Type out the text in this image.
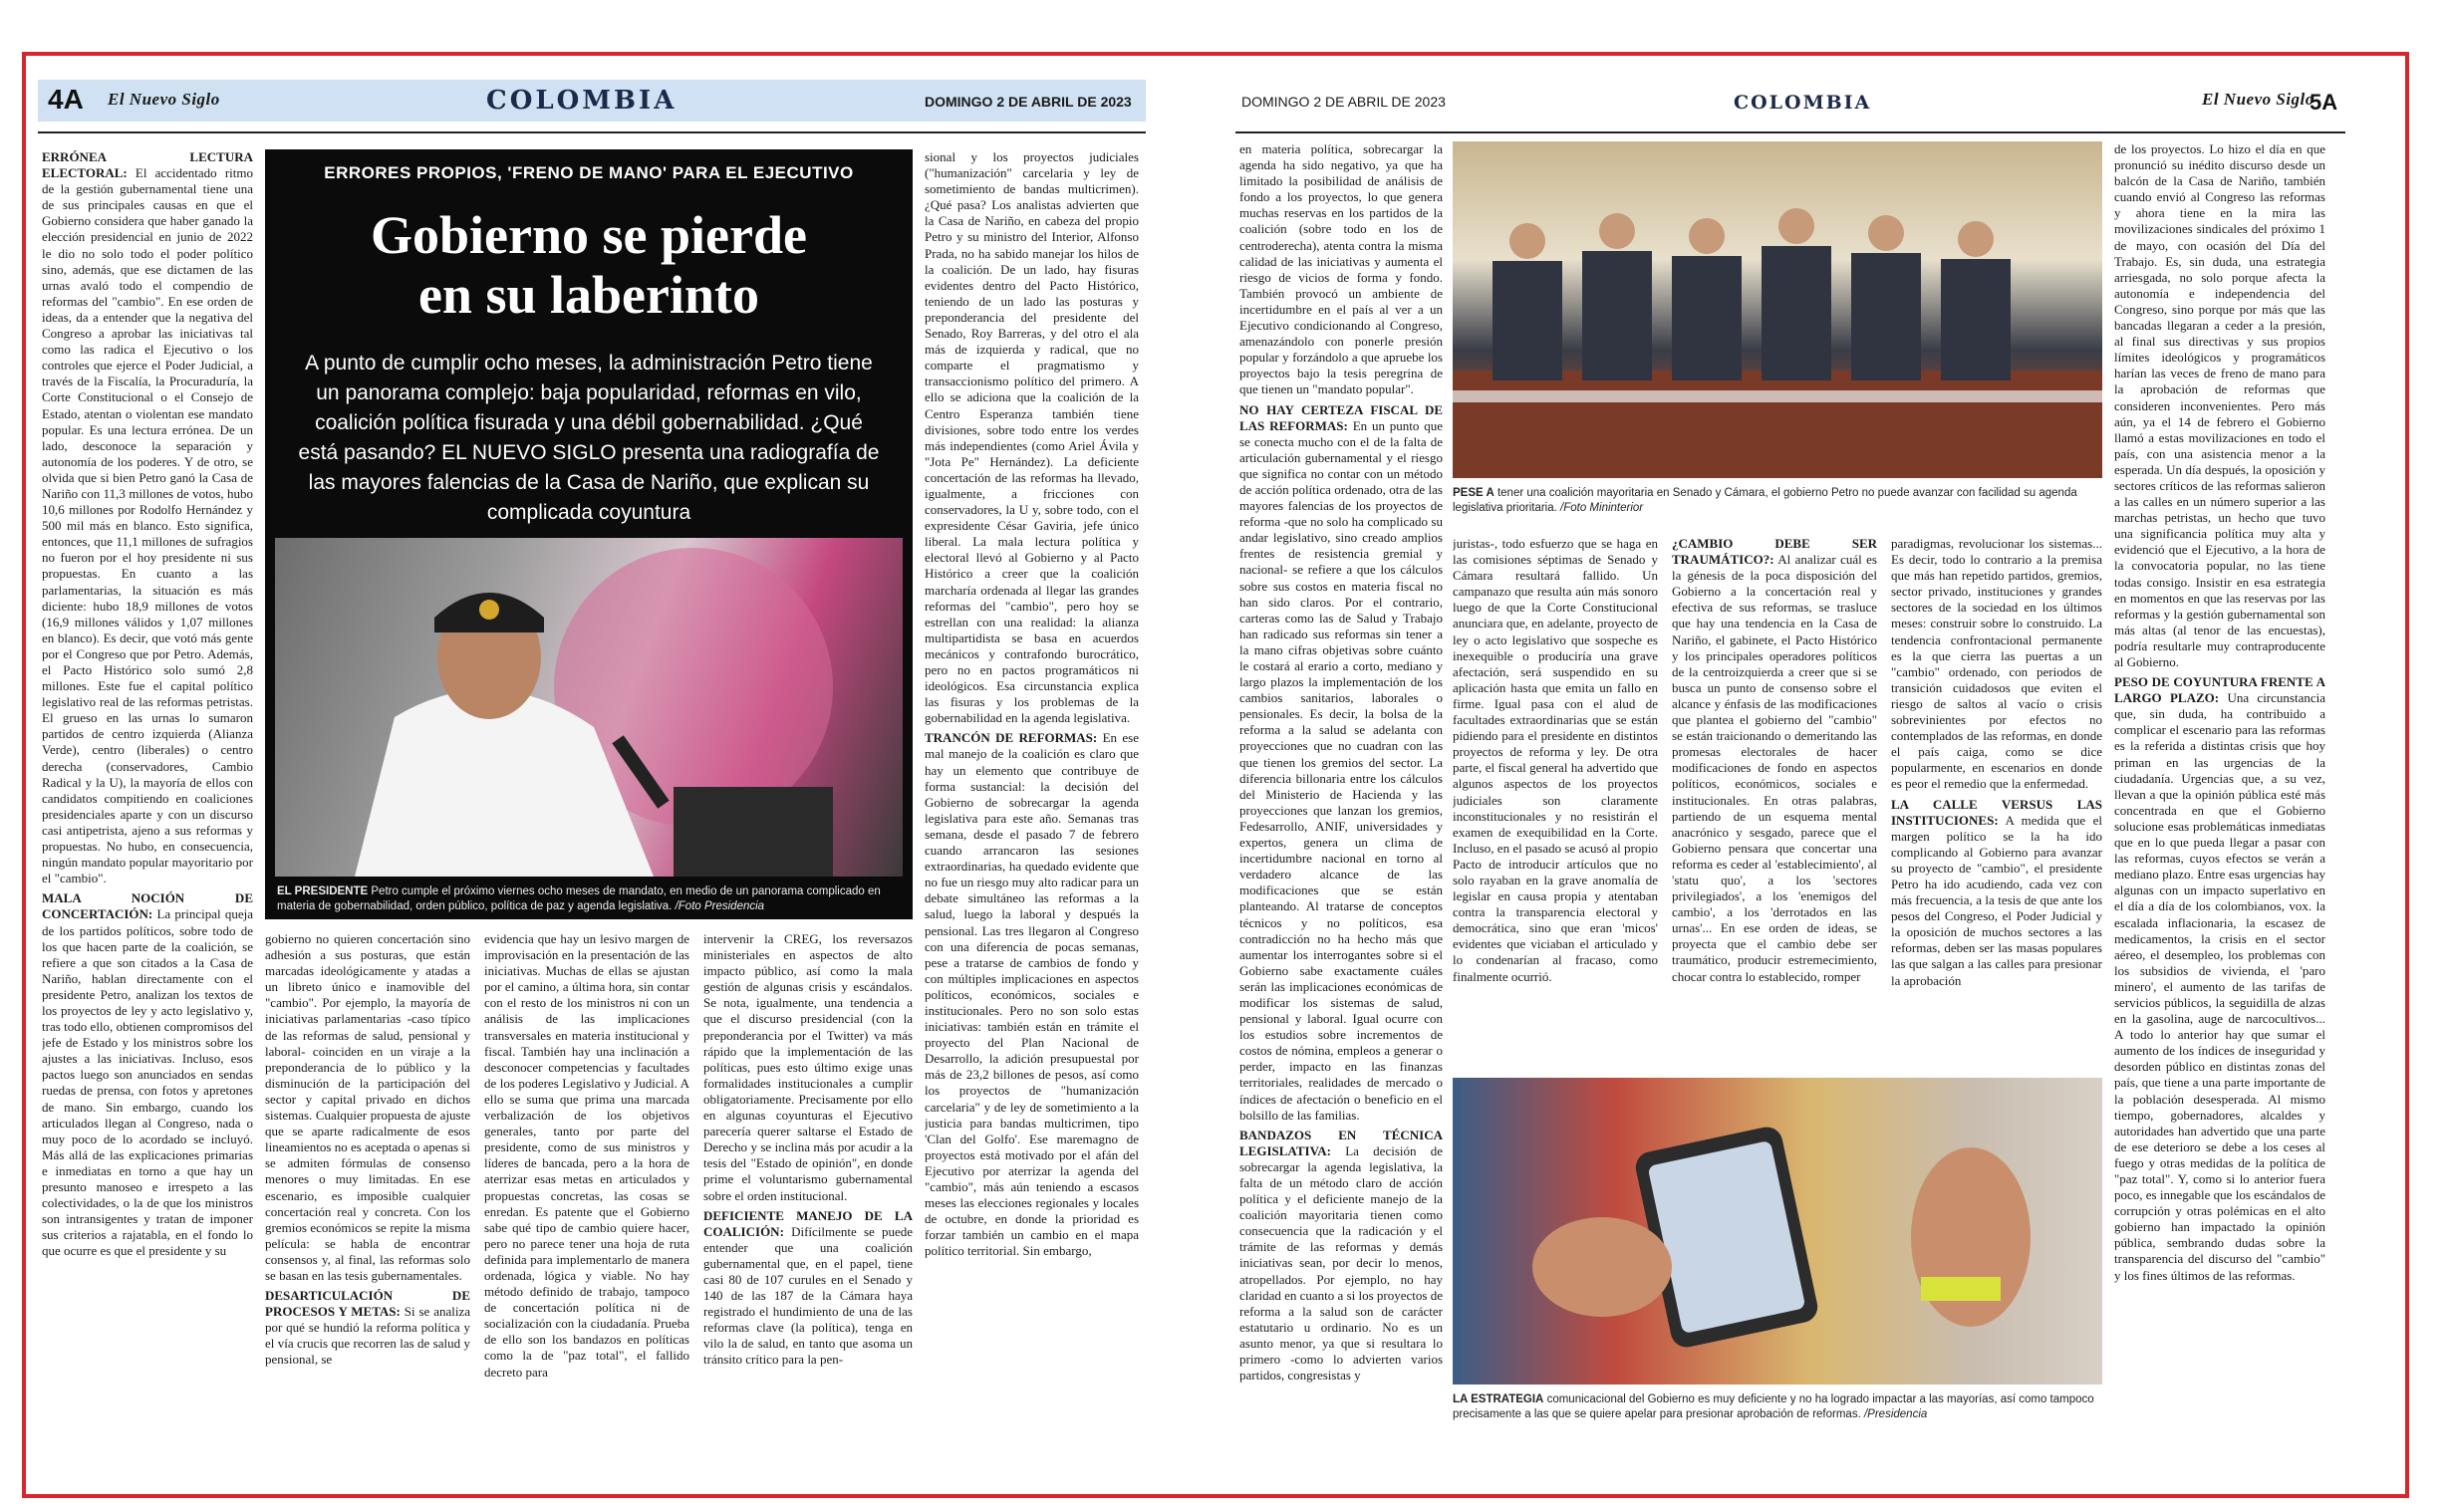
4A El Nuevo Siglo	COLOMBIA	DOMINGO 2 DE ABRIL DE 2023

ERRÓNEA LECTURA ELECTORAL: El accidentado ritmo de la gestión gubernamental tiene una de sus principales causas en que el Gobierno considera que haber ganado la elección presidencial en junio de 2022 le dio no solo todo el poder político sino, además, que ese dictamen de las urnas avaló todo el compendio de reformas del "cambio". En ese orden de ideas, da a entender que la negativa del Congreso a aprobar las iniciativas tal como las radica el Ejecutivo o los controles que ejerce el Poder Judicial, a través de la Fiscalía, la Procuraduría, la Corte Constitucional o el Consejo de Estado, atentan o violentan ese mandato popular. Es una lectura errónea. De un lado, desconoce la separación y autonomía de los poderes. Y de otro, se olvida que si bien Petro ganó la Casa de Nariño con 11,3 millones de votos, hubo 10,6 millones por Rodolfo Hernández y 500 mil más en blanco. Esto significa, entonces, que 11,1 millones de sufragios no fueron por el hoy presidente ni sus propuestas. En cuanto a las parlamentarias, la situación es más diciente: hubo 18,9 millones de votos (16,9 millones válidos y 1,07 millones en blanco). Es decir, que votó más gente por el Congreso que por Petro. Además, el Pacto Histórico solo sumó 2,8 millones. Este fue el capital político legislativo real de las reformas petristas. El grueso en las urnas lo sumaron partidos de centro izquierda (Alianza Verde), centro (liberales) o centro derecha (conservadores, Cambio Radical y la U), la mayoría de ellos con candidatos compitiendo en coaliciones presidenciales aparte y con un discurso casi antipetrista, ajeno a sus reformas y propuestas. No hubo, en consecuencia, ningún mandato popular mayoritario por el "cambio".

MALA NOCIÓN DE CONCERTACIÓN: La principal queja de los partidos políticos, sobre todo de los que hacen parte de la coalición, se refiere a que son citados a la Casa de Nariño, hablan directamente con el presidente Petro, analizan los textos de los proyectos de ley y acto legislativo y, tras todo ello, obtienen compromisos del jefe de Estado y los ministros sobre los ajustes a las iniciativas. Incluso, esos pactos luego son anunciados en sendas ruedas de prensa, con fotos y apretones de mano. Sin embargo, cuando los articulados llegan al Congreso, nada o muy poco de lo acordado se incluyó. Más allá de las explicaciones primarias e inmediatas en torno a que hay un presunto manoseo e irrespeto a las colectividades, o la de que los ministros son intransigentes y tratan de imponer sus criterios a rajatabla, en el fondo lo que ocurre es que el presidente y su

ERRORES PROPIOS, 'FRENO DE MANO' PARA EL EJECUTIVO
Gobierno se pierde
en su laberinto
A punto de cumplir ocho meses, la administración Petro tiene un panorama complejo: baja popularidad, reformas en vilo, coalición política fisurada y una débil gobernabilidad. ¿Qué está pasando? EL NUEVO SIGLO presenta una radiografía de las mayores falencias de la Casa de Nariño, que explican su complicada coyuntura
EL PRESIDENTE Petro cumple el próximo viernes ocho meses de mandato, en medio de un panorama complicado en materia de gobernabilidad, orden público, política de paz y agenda legislativa. /Foto Presidencia

sional y los proyectos judiciales ("humanización" carcelaria y ley de sometimiento de bandas multicrimen). ¿Qué pasa? Los analistas advierten que la Casa de Nariño, en cabeza del propio Petro y su ministro del Interior, Alfonso Prada, no ha sabido manejar los hilos de la coalición. De un lado, hay fisuras evidentes dentro del Pacto Histórico, teniendo de un lado las posturas y preponderancia del presidente del Senado, Roy Barreras, y del otro el ala más de izquierda y radical, que no comparte el pragmatismo y transaccionismo político del primero. A ello se adiciona que la coalición de la Centro Esperanza también tiene divisiones, sobre todo entre los verdes más independientes (como Ariel Ávila y "Jota Pe" Hernández). La deficiente concertación de las reformas ha llevado, igualmente, a fricciones con conservadores, la U y, sobre todo, con el expresidente César Gaviria, jefe único liberal. La mala lectura política y electoral llevó al Gobierno y al Pacto Histórico a creer que la coalición marcharía ordenada al llegar las grandes reformas del "cambio", pero hoy se estrellan con una realidad: la alianza multipartidista se basa en acuerdos mecánicos y contrafondo burocrático, pero no en pactos programáticos ni ideológicos. Esa circunstancia explica las fisuras y los problemas de la gobernabilidad en la agenda legislativa.

TRANCÓN DE REFORMAS: En ese mal manejo de la coalición es claro que hay un elemento que contribuye de forma sustancial: la decisión del Gobierno de sobrecargar la agenda legislativa para este año. Semanas tras semana, desde el pasado 7 de febrero cuando arrancaron las sesiones extraordinarias, ha quedado evidente que no fue un riesgo muy alto radicar para un debate simultáneo las reformas a la salud, luego la laboral y después la pensional. Las tres llegaron al Congreso con una diferencia de pocas semanas, pese a tratarse de cambios de fondo y con múltiples implicaciones en aspectos políticos, económicos, sociales e institucionales. Pero no son solo estas iniciativas: también están en trámite el proyecto del Plan Nacional de Desarrollo, la adición presupuestal por más de 23,2 billones de pesos, así como los proyectos de "humanización carcelaria" y de ley de sometimiento a la justicia para bandas multicrimen, tipo 'Clan del Golfo'. Ese maremagno de proyectos está motivado por el afán del Ejecutivo por aterrizar la agenda del "cambio", más aún teniendo a escasos meses las elecciones regionales y locales de octubre, en donde la prioridad es forzar también un cambio en el mapa político territorial. Sin embargo,

gobierno no quieren concertación sino adhesión a sus posturas, que están marcadas ideológicamente y atadas a un libreto único e inamovible del "cambio". Por ejemplo, la mayoría de iniciativas parlamentarias -caso típico de las reformas de salud, pensional y laboral- coinciden en un viraje a la preponderancia de lo público y la disminución de la participación del sector y capital privado en dichos sistemas. Cualquier propuesta de ajuste que se aparte radicalmente de esos lineamientos no es aceptada o apenas si se admiten fórmulas de consenso menores o muy limitadas. En ese escenario, es imposible cualquier concertación real y concreta. Con los gremios económicos se repite la misma película: se habla de encontrar consensos y, al final, las reformas solo se basan en las tesis gubernamentales.

DESARTICULACIÓN DE PROCESOS Y METAS: Si se analiza por qué se hundió la reforma política y el vía crucis que recorren las de salud y pensional, se

evidencia que hay un lesivo margen de improvisación en la presentación de las iniciativas. Muchas de ellas se ajustan por el camino, a última hora, sin contar con el resto de los ministros ni con un análisis de las implicaciones transversales en materia institucional y fiscal. También hay una inclinación a desconocer competencias y facultades de los poderes Legislativo y Judicial. A ello se suma que prima una marcada verbalización de los objetivos generales, tanto por parte del presidente, como de sus ministros y líderes de bancada, pero a la hora de aterrizar esas metas en articulados y propuestas concretas, las cosas se enredan. Es patente que el Gobierno sabe qué tipo de cambio quiere hacer, pero no parece tener una hoja de ruta definida para implementarlo de manera ordenada, lógica y viable. No hay método definido de trabajo, tampoco de concertación política ni de socialización con la ciudadanía. Prueba de ello son los bandazos en políticas como la de "paz total", el fallido decreto para

intervenir la CREG, los reversazos ministeriales en aspectos de alto impacto público, así como la mala gestión de algunas crisis y escándalos. Se nota, igualmente, una tendencia a que el discurso presidencial (con la preponderancia por el Twitter) va más rápido que la implementación de las políticas, pues esto último exige unas formalidades institucionales a cumplir obligatoriamente. Precisamente por ello en algunas coyunturas el Ejecutivo parecería querer saltarse el Estado de Derecho y se inclina más por acudir a la tesis del "Estado de opinión", en donde prime el voluntarismo gubernamental sobre el orden institucional.

DEFICIENTE MANEJO DE LA COALICIÓN: Difícilmente se puede entender que una coalición gubernamental que, en el papel, tiene casi 80 de 107 curules en el Senado y 140 de las 187 de la Cámara haya registrado el hundimiento de una de las reformas clave (la política), tenga en vilo la de salud, en tanto que asoma un tránsito crítico para la pen-

DOMINGO 2 DE ABRIL DE 2023	COLOMBIA	El Nuevo Siglo
5A

en materia política, sobrecargar la agenda ha sido negativo, ya que ha limitado la posibilidad de análisis de fondo a los proyectos, lo que genera muchas reservas en los partidos de la coalición (sobre todo en los de centroderecha), atenta contra la misma calidad de las iniciativas y aumenta el riesgo de vicios de forma y fondo. También provocó un ambiente de incertidumbre en el país al ver a un Ejecutivo condicionando al Congreso, amenazándolo con ponerle presión popular y forzándolo a que apruebe los proyectos bajo la tesis peregrina de que tienen un "mandato popular".

NO HAY CERTEZA FISCAL DE LAS REFORMAS: En un punto que se conecta mucho con el de la falta de articulación gubernamental y el riesgo que significa no contar con un método de acción política ordenado, otra de las mayores falencias de los proyectos de reforma -que no solo ha complicado su andar legislativo, sino creado amplios frentes de resistencia gremial y nacional- se refiere a que los cálculos sobre sus costos en materia fiscal no han sido claros. Por el contrario, carteras como las de Salud y Trabajo han radicado sus reformas sin tener a la mano cifras objetivas sobre cuánto le costará al erario a corto, mediano y largo plazos la implementación de los cambios sanitarios, laborales o pensionales. Es decir, la bolsa de la reforma a la salud se adelanta con proyecciones que no cuadran con las que tienen los gremios del sector. La diferencia billonaria entre los cálculos del Ministerio de Hacienda y las proyecciones que lanzan los gremios, Fedesarrollo, ANIF, universidades y expertos, genera un clima de incertidumbre nacional en torno al verdadero alcance de las modificaciones que se están planteando. Al tratarse de conceptos técnicos y no políticos, esa contradicción no ha hecho más que aumentar los interrogantes sobre si el Gobierno sabe exactamente cuáles serán las implicaciones económicas de modificar los sistemas de salud, pensional y laboral. Igual ocurre con los estudios sobre incrementos de costos de nómina, empleos a generar o perder, impacto en las finanzas territoriales, realidades de mercado o índices de afectación o beneficio en el bolsillo de las familias.

BANDAZOS EN TÉCNICA LEGISLATIVA: La decisión de sobrecargar la agenda legislativa, la falta de un método claro de acción política y el deficiente manejo de la coalición mayoritaria tienen como consecuencia que la radicación y el trámite de las reformas y demás iniciativas sean, por decir lo menos, atropellados. Por ejemplo, no hay claridad en cuanto a si los proyectos de reforma a la salud son de carácter estatutario u ordinario. No es un asunto menor, ya que si resultara lo primero -como lo advierten varios partidos, congresistas y

PESE A tener una coalición mayoritaria en Senado y Cámara, el gobierno Petro no puede avanzar con facilidad su agenda legislativa prioritaria. /Foto Mininterior

juristas-, todo esfuerzo que se haga en las comisiones séptimas de Senado y Cámara resultará fallido. Un campanazo que resulta aún más sonoro luego de que la Corte Constitucional anunciara que, en adelante, proyecto de ley o acto legislativo que sospeche es inexequible o produciría una grave afectación, será suspendido en su aplicación hasta que emita un fallo en firme. Igual pasa con el alud de facultades extraordinarias que se están pidiendo para el presidente en distintos proyectos de reforma y ley. De otra parte, el fiscal general ha advertido que algunos aspectos de los proyectos judiciales son claramente inconstitucionales y no resistirán el examen de exequibilidad en la Corte. Incluso, en el pasado se acusó al propio Pacto de introducir artículos que no solo rayaban en la grave anomalía de legislar en causa propia y atentaban contra la transparencia electoral y democrática, sino que eran 'micos' evidentes que viciaban el articulado y lo condenarían al fracaso, como finalmente ocurrió.

¿CAMBIO DEBE SER TRAUMÁTICO?: Al analizar cuál es la génesis de la poca disposición del Gobierno a la concertación real y efectiva de sus reformas, se trasluce que hay una tendencia en la Casa de Nariño, el gabinete, el Pacto Histórico y los principales operadores políticos de la centroizquierda a creer que si se busca un punto de consenso sobre el alcance y énfasis de las modificaciones que plantea el gobierno del "cambio" se están traicionando o demeritando las promesas electorales de hacer modificaciones de fondo en aspectos políticos, económicos, sociales e institucionales. En otras palabras, partiendo de un esquema mental anacrónico y sesgado, parece que el Gobierno pensara que concertar una reforma es ceder al 'establecimiento', al 'statu quo', a los 'sectores privilegiados', a los 'enemigos del cambio', a los 'derrotados en las urnas'... En ese orden de ideas, se proyecta que el cambio debe ser traumático, producir estremecimiento, chocar contra lo establecido, romper

paradigmas, revolucionar los sistemas... Es decir, todo lo contrario a la premisa que más han repetido partidos, gremios, sector privado, instituciones y grandes sectores de la sociedad en los últimos meses: construir sobre lo construido. La tendencia confrontacional permanente es la que cierra las puertas a un "cambio" ordenado, con periodos de transición cuidadosos que eviten el riesgo de saltos al vacío o crisis sobrevinientes por efectos no contemplados de las reformas, en donde el país caiga, como se dice popularmente, en escenarios en donde es peor el remedio que la enfermedad.

LA CALLE VERSUS LAS INSTITUCIONES: A medida que el margen político se la ha ido complicando al Gobierno para avanzar su proyecto de "cambio", el presidente Petro ha ido acudiendo, cada vez con más frecuencia, a la tesis de que ante los pesos del Congreso, el Poder Judicial y la oposición de muchos sectores a las reformas, deben ser las masas populares las que salgan a las calles para presionar la aprobación

LA ESTRATEGIA comunicacional del Gobierno es muy deficiente y no ha logrado impactar a las mayorías, así como tampoco precisamente a las que se quiere apelar para presionar aprobación de reformas. /Presidencia

de los proyectos. Lo hizo el día en que pronunció su inédito discurso desde un balcón de la Casa de Nariño, también cuando envió al Congreso las reformas y ahora tiene en la mira las movilizaciones sindicales del próximo 1 de mayo, con ocasión del Día del Trabajo. Es, sin duda, una estrategia arriesgada, no solo porque afecta la autonomía e independencia del Congreso, sino porque por más que las bancadas llegaran a ceder a la presión, al final sus directivas y sus propios límites ideológicos y programáticos harían las veces de freno de mano para la aprobación de reformas que consideren inconvenientes. Pero más aún, ya el 14 de febrero el Gobierno llamó a estas movilizaciones en todo el país, con una asistencia menor a la esperada. Un día después, la oposición y sectores críticos de las reformas salieron a las calles en un número superior a las marchas petristas, un hecho que tuvo una significancia política muy alta y evidenció que el Ejecutivo, a la hora de la convocatoria popular, no las tiene todas consigo. Insistir en esa estrategia en momentos en que las reservas por las reformas y la gestión gubernamental son más altas (al tenor de las encuestas), podría resultarle muy contraproducente al Gobierno.

PESO DE COYUNTURA FRENTE A LARGO PLAZO: Una circunstancia que, sin duda, ha contribuido a complicar el escenario para las reformas es la referida a distintas crisis que hoy priman en las urgencias de la ciudadanía. Urgencias que, a su vez, llevan a que la opinión pública esté más concentrada en que el Gobierno solucione esas problemáticas inmediatas que en lo que pueda llegar a pasar con las reformas, cuyos efectos se verán a mediano plazo. Entre esas urgencias hay algunas con un impacto superlativo en el día a día de los colombianos, vox. la escalada inflacionaria, la escasez de medicamentos, la crisis en el sector aéreo, el desempleo, los problemas con los subsidios de vivienda, el 'paro minero', el aumento de las tarifas de servicios públicos, la seguidilla de alzas en la gasolina, auge de narcocultivos... A todo lo anterior hay que sumar el aumento de los índices de inseguridad y desorden público en distintas zonas del país, que tiene a una parte importante de la población desesperada. Al mismo tiempo, gobernadores, alcaldes y autoridades han advertido que una parte de ese deterioro se debe a los ceses al fuego y otras medidas de la política de "paz total". Y, como si lo anterior fuera poco, es innegable que los escándalos de corrupción y otras polémicas en el alto gobierno han impactado la opinión pública, sembrando dudas sobre la transparencia del discurso del "cambio" y los fines últimos de las reformas.
